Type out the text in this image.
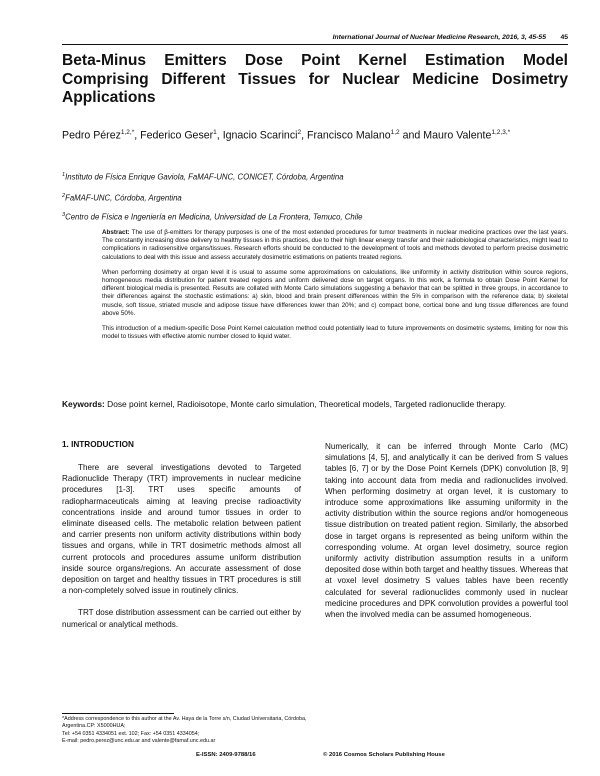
International Journal of Nuclear Medicine Research, 2016, 3, 45-55 45
Beta-Minus Emitters Dose Point Kernel Estimation Model Comprising Different Tissues for Nuclear Medicine Dosimetry Applications
Pedro Pérez$^{1,2,*}$, Federico Geser$^1$, Ignacio Scarinci$^2$, Francisco Malano$^{1,2}$ and Mauro Valente$^{1,2,3,*}$
$^1$Instituto de Física Enrique Gaviola, FaMAF-UNC, CONICET, Córdoba, Argentina
$^2$FaMAF-UNC, Córdoba, Argentina
$^3$Centro de Física e Ingeniería en Medicina, Universidad de La Frontera, Temuco, Chile

Abstract: The use of β-emitters for therapy purposes is one of the most extended procedures for tumor treatments in nuclear medicine practices over the last years. The constantly increasing dose delivery to healthy tissues in this practices, due to their high linear energy transfer and their radiobiological characteristics, might lead to complications in radiosensitive organs/tissues. Research efforts should be conducted to the development of tools and methods devoted to perform precise dosimetric calculations to deal with this issue and assess accurately dosimetric estimations on patients treated regions.

When performing dosimetry at organ level it is usual to assume some approximations on calculations, like uniformity in activity distribution within source regions, homogeneous media distribution for patient treated regions and uniform delivered dose on target organs. In this work, a formula to obtain Dose Point Kernel for different biological media is presented. Results are collated with Monte Carlo simulations suggesting a behavior that can be splitted in three groups, in accordance to their differences against the stochastic estimations: a) skin, blood and brain present differences within the 5% in comparison with the reference data; b) skeletal muscle, soft tissue, striated muscle and adipose tissue have differences lower than 20%; and c) compact bone, cortical bone and lung tissue differences are found above 50%.

This introduction of a medium-specific Dose Point Kernel calculation method could potentially lead to future improvements on dosimetric systems, limiting for now this model to tissues with effective atomic number closed to liquid water.

Keywords: Dose point kernel, Radioisotope, Monte carlo simulation, Theoretical models, Targeted radionuclide therapy.
1. INTRODUCTION

There are several investigations devoted to Targeted Radionuclide Therapy (TRT) improvements in nuclear medicine procedures [1-3]. TRT uses specific amounts of radiopharmaceuticals aiming at leaving precise radioactivity concentrations inside and around tumor tissues in order to eliminate diseased cells. The metabolic relation between patient and carrier presents non uniform activity distributions within body tissues and organs, while in TRT dosimetric methods almost all current protocols and procedures assume uniform distribution inside source organs/regions. An accurate assessment of dose deposition on target and healthy tissues in TRT procedures is still a non-completely solved issue in routinely clinics.

TRT dose distribution assessment can be carried out either by numerical or analytical methods.

Numerically, it can be inferred through Monte Carlo (MC) simulations [4, 5], and analytically it can be derived from S values tables [6, 7] or by the Dose Point Kernels (DPK) convolution [8, 9] taking into account data from media and radionuclides involved. When performing dosimetry at organ level, it is customary to introduce some approximations like assuming uniformity in the activity distribution within the source regions and/or homogeneous tissue distribution on treated patient region. Similarly, the absorbed dose in target organs is represented as being uniform within the corresponding volume. At organ level dosimetry, source region uniformly activity distribution assumption results in a uniform deposited dose within both target and healthy tissues. Whereas that at voxel level dosimetry S values tables have been recently calculated for several radionuclides commonly used in nuclear medicine procedures and DPK convolution provides a powerful tool when the involved media can be assumed homogeneous.

*Address correspondence to this author at the Av. Haya de la Torre s/n, Ciudad Universitaria, Córdoba, Argentina.CP: X5000HUA;
Tel: +54 0351 4334051 ext. 102; Fax: +54 0351 4334054;
E-mail: pedro.perez@unc.edu.ar and valente@famaf.unc.edu.ar
E-ISSN: 2409-9788/16	© 2016 Cosmos Scholars Publishing House
